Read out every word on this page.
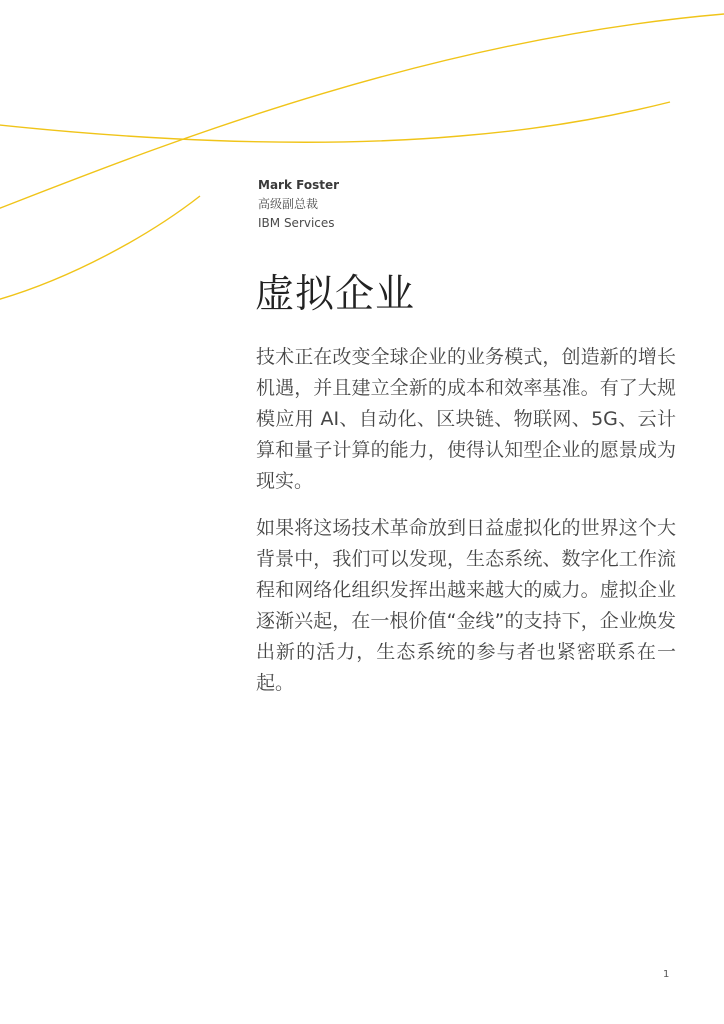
Mark Foster
高级副总裁
IBM Services
虚拟企业

技术正在改变全球企业的业务模式，创造新的增长机遇，并且建立全新的成本和效率基准。有了大规模应用 AI、自动化、区块链、物联网、5G、云计算和量子计算的能力，使得认知型企业的愿景成为现实。

如果将这场技术革命放到日益虚拟化的世界这个大背景中，我们可以发现，生态系统、数字化工作流程和网络化组织发挥出越来越大的威力。虚拟企业逐渐兴起，在一根价值“金线”的支持下，企业焕发出新的活力，生态系统的参与者也紧密联系在一起。

1
